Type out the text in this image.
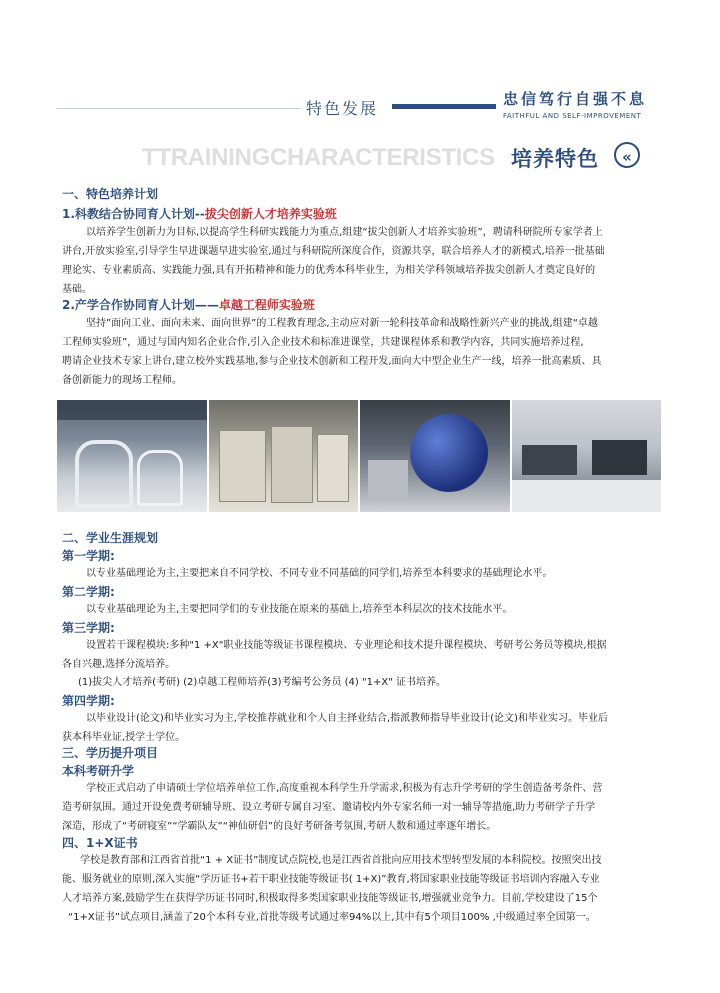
特色发展	忠信笃行自强不息
FAITHFUL AND SELF-IMPROVEMENT
TTRAININGCHARACTERISTICS 培养特色	«
一、特色培养计划
1.科教结合协同育人计划--拔尖创新人才培养实验班
以培养学生创新力为目标,以提高学生科研实践能力为重点,组建“拔尖创新人才培养实验班”，聘请科研院所专家学者上
讲台,开放实验室,引导学生早进课题早进实验室,通过与科研院所深度合作，资源共享，联合培养人才的新模式,培养一批基础
理论实、专业素质高、实践能力强,具有开拓精神和能力的优秀本科毕业生，为相关学科领域培养拔尖创新人才奠定良好的
基础。
2.产学合作协同育人计划——卓越工程师实验班
坚持”面向工业、面向未来、面向世界”的工程教育理念,主动应对新一轮科技革命和战略性新兴产业的挑战,组建“卓越
工程师实验班”，通过与国内知名企业合作,引入企业技术和标准进课堂，共建课程体系和教学内容，共同实施培养过程,
聘请企业技术专家上讲台,建立校外实践基地,参与企业技术创新和工程开发,面向大中型企业生产一线，培养一批高素质、具
备创新能力的现场工程师。
二、学业生涯规划
第一学期:
以专业基础理论为主,主要把来自不同学校、不同专业不同基础的同学们,培养至本科要求的基础理论水平。
第二学期:
以专业基础理论为主,主要把同学们的专业技能在原来的基础上,培养至本科层次的技术技能水平。
第三学期:
设置若干课程模块:多种"1 +X"职业技能等级证书课程模块、专业理论和技术提升课程模块、考研考公务员等模块,根据
各自兴趣,选择分流培养。
(1)拔尖人才培养(考研) (2)卓越工程师培养(3)考编考公务员 (4) "1+X" 证书培养。
第四学期:
以毕业设计(论文)和毕业实习为主,学校推荐就业和个人自主择业结合,指派教师指导毕业设计(论文)和毕业实习。毕业后
获本科毕业证,授学士学位。
三、学历提升项目
本科考研升学
学校正式启动了申请硕士学位培养单位工作,高度重视本科学生升学需求,积极为有志升学考研的学生创造备考条件、营
造考研氛围。通过开设免费考研辅导班、设立考研专属自习室、邀请校内外专家名师一对一辅导等措施,助力考研学子升学
深造，形成了“考研寝室”“学霸队友”“神仙研侣”的良好考研备考氛围,考研人数和通过率逐年增长。
四、1+X证书
学校是教育部和江西省首批“1 + X证书”制度试点院校,也是江西省首批向应用技术型转型发展的本科院校。按照突出技
能、服务就业的原则,深入实施“学历证书+若干职业技能等级证书( 1+X)”教育,将国家职业技能等级证书培训内容融入专业
人才培养方案,鼓励学生在获得学历证书同时,积极取得多类国家职业技能等级证书,增强就业竞争力。目前,学校建设了15个
“1+X证书”试点项目,涵盖了20个本科专业,首批等级考试通过率94%以上,其中有5个项目100% ,中级通过率全国第一。
